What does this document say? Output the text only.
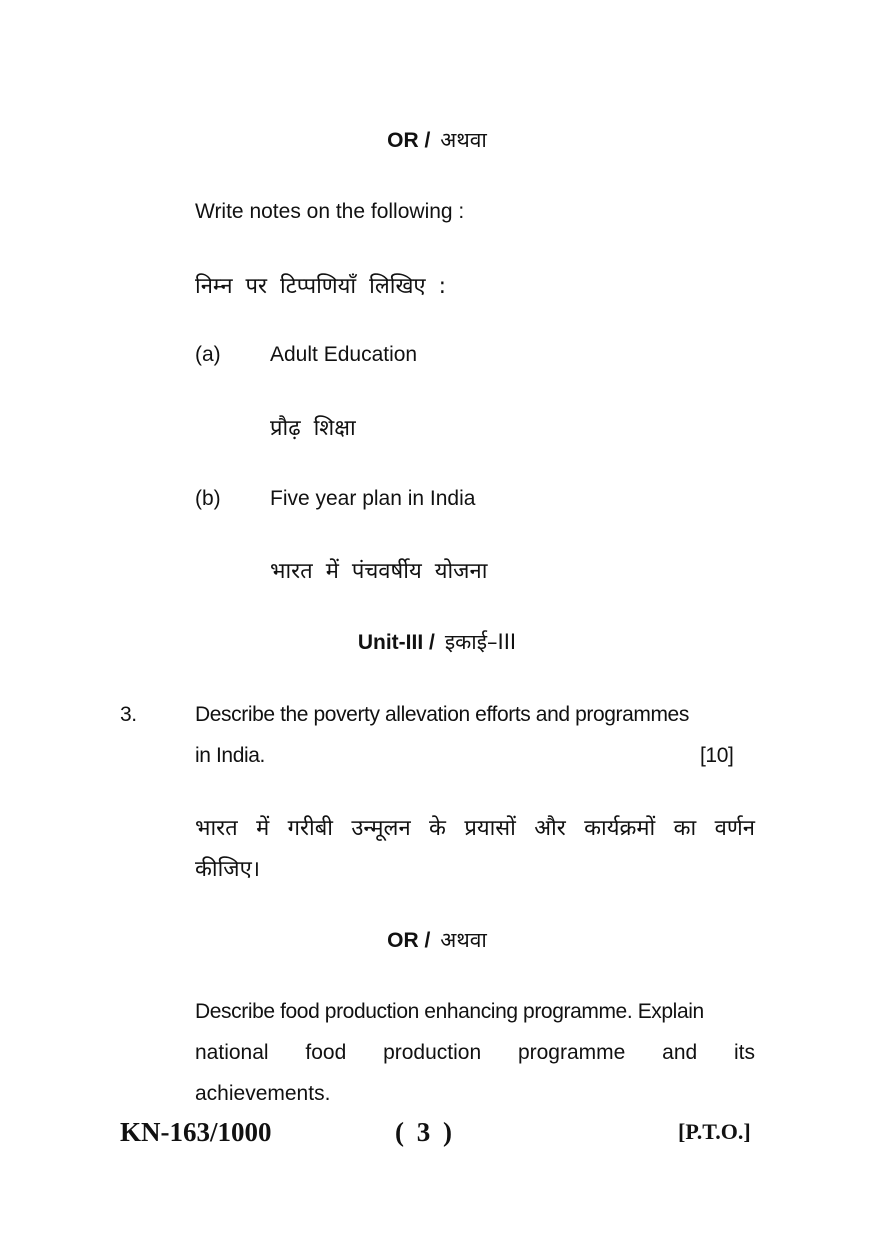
OR / अथवा
Write notes on the following :
निम्न पर टिप्पणियाँ लिखिए :
(a) Adult Education
प्रौढ़ शिक्षा
(b) Five year plan in India
भारत में पंचवर्षीय योजना
Unit-III / इकाई–III
3.	Describe the poverty allevation efforts and programmes
in India.	[10]
भारत में गरीबी उन्मूलन के प्रयासों और कार्यक्रमों का वर्णन
कीजिए।
OR / अथवा
Describe food production enhancing programme. Explain
national food production programme and its
achievements.
KN-163/1000	( 3 )	[P.T.O.]
